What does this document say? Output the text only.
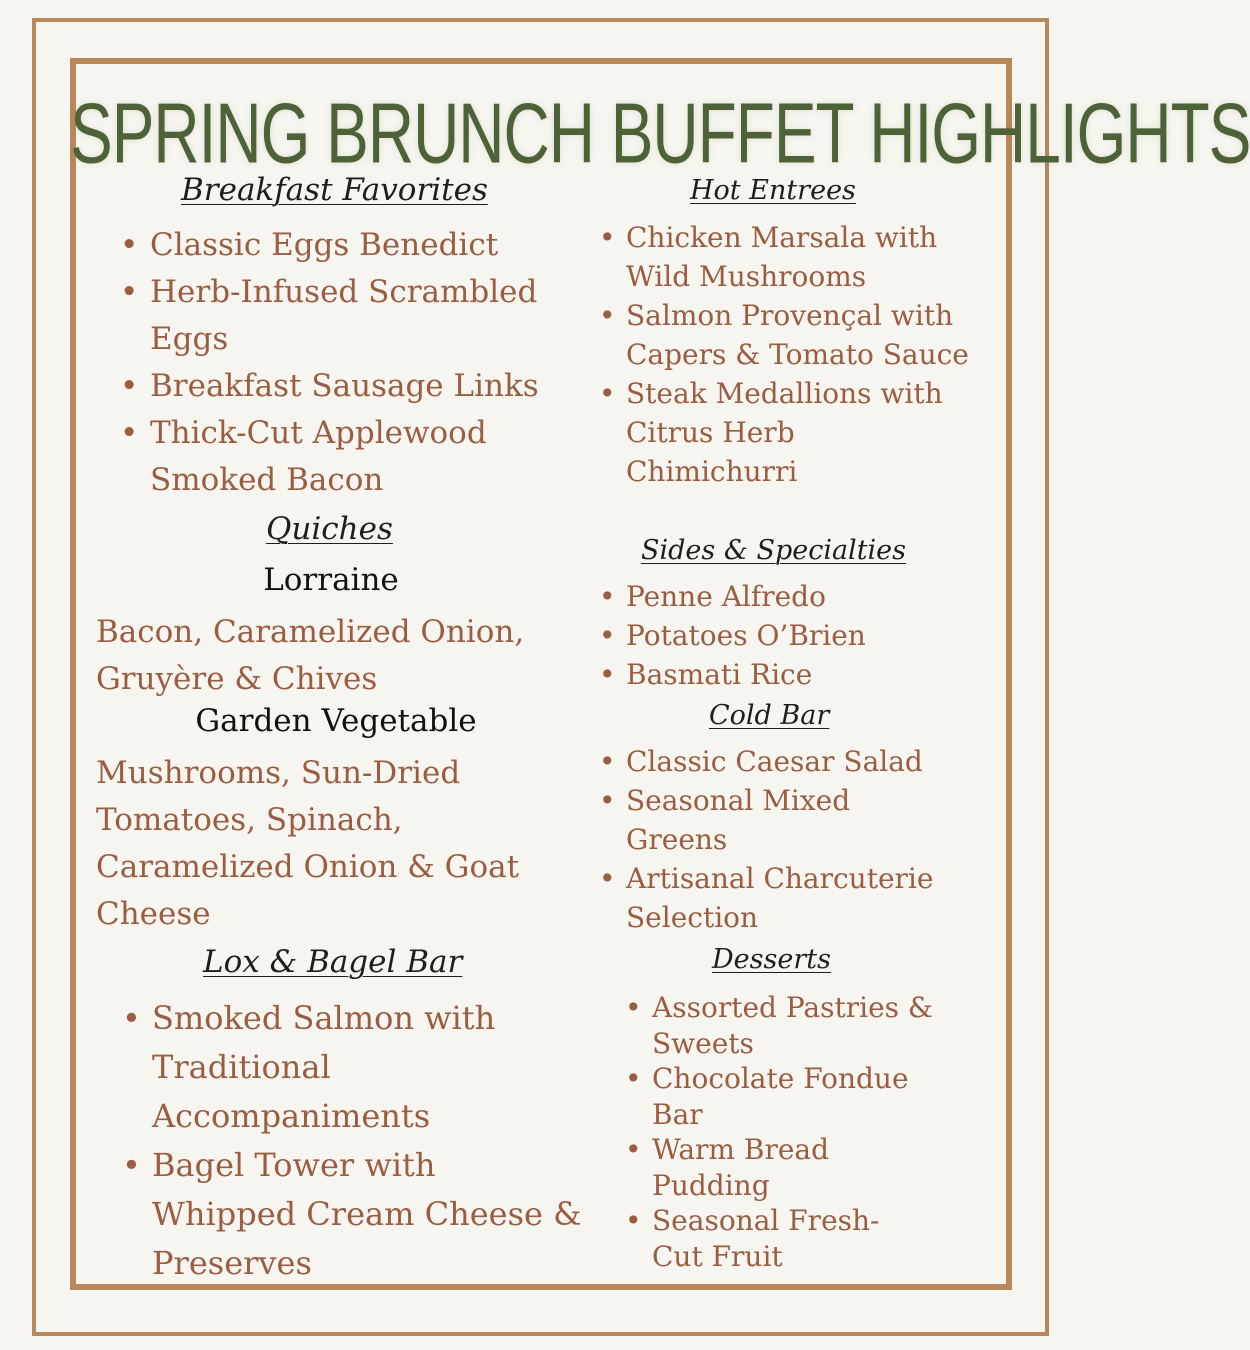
SPRING BRUNCH BUFFET HIGHLIGHTS
Breakfast Favorites
• Classic Eggs Benedict
• Herb-Infused Scrambled Eggs
• Breakfast Sausage Links
• Thick-Cut Applewood Smoked Bacon
Quiches

Lorraine

Bacon, Caramelized Onion, Gruyère & Chives

Garden Vegetable

Mushrooms, Sun-Dried Tomatoes, Spinach, Caramelized Onion & Goat Cheese

Lox & Bagel Bar
• Smoked Salmon with Traditional Accompaniments
• Bagel Tower with Whipped Cream Cheese & Preserves
Hot Entrees
• Chicken Marsala with Wild Mushrooms
• Salmon Provençal with Capers & Tomato Sauce
• Steak Medallions with Citrus Herb Chimichurri
Sides & Specialties
• Penne Alfredo
• Potatoes O’Brien
• Basmati Rice
Cold Bar
• Classic Caesar Salad
• Seasonal Mixed Greens
• Artisanal Charcuterie Selection
Desserts
• Assorted Pastries & Sweets
• Chocolate Fondue Bar
• Warm Bread Pudding
• Seasonal Fresh-Cut Fruit
